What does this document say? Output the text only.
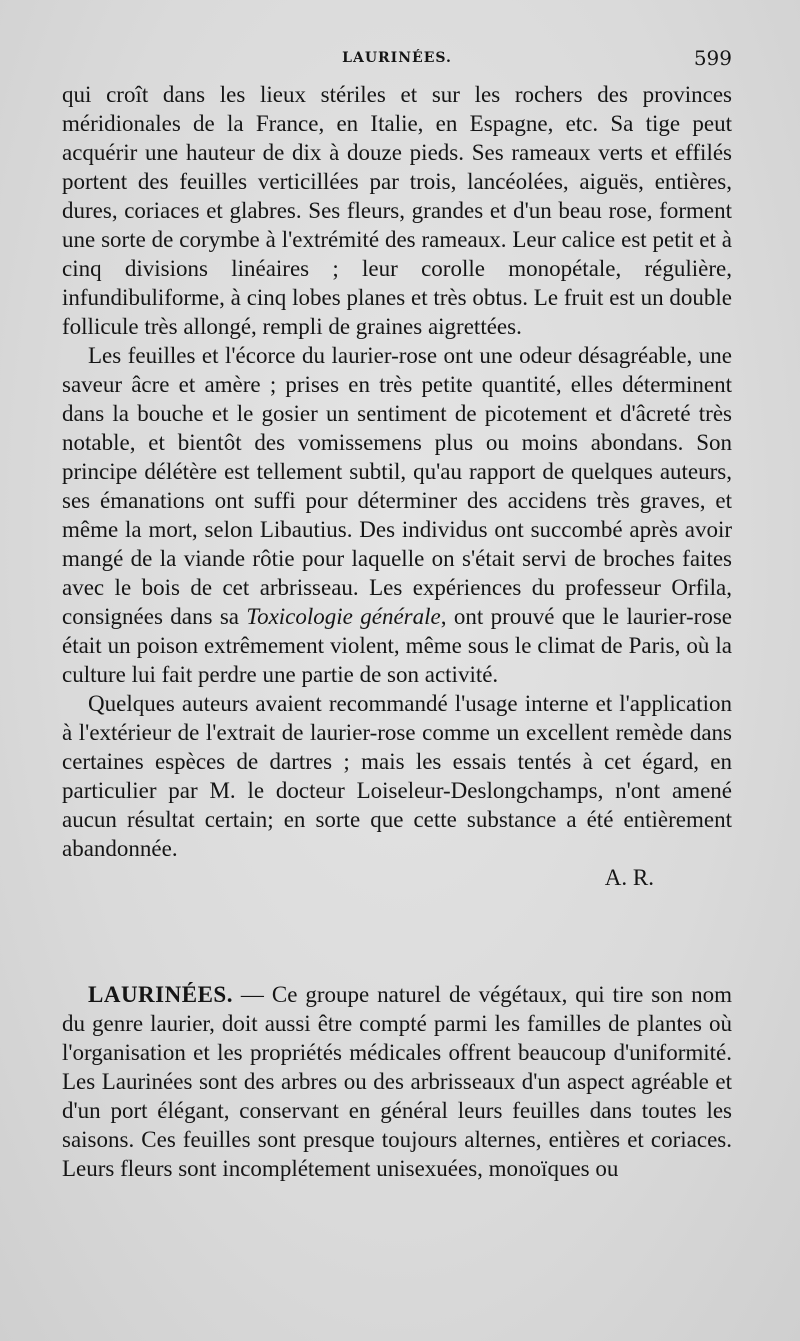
LAURINÉES.	599

qui croît dans les lieux stériles et sur les rochers des provinces méridionales de la France, en Italie, en Espagne, etc. Sa tige peut acquérir une hauteur de dix à douze pieds. Ses rameaux verts et effilés portent des feuilles verticillées par trois, lancéolées, aiguës, entières, dures, coriaces et glabres. Ses fleurs, grandes et d'un beau rose, forment une sorte de corymbe à l'extrémité des rameaux. Leur calice est petit et à cinq divisions linéaires ; leur corolle monopétale, régulière, infundibuliforme, à cinq lobes planes et très obtus. Le fruit est un double follicule très allongé, rempli de graines aigrettées.

Les feuilles et l'écorce du laurier-rose ont une odeur désagréable, une saveur âcre et amère ; prises en très petite quantité, elles déterminent dans la bouche et le gosier un sentiment de picotement et d'âcreté très notable, et bientôt des vomissemens plus ou moins abondans. Son principe délétère est tellement subtil, qu'au rapport de quelques auteurs, ses émanations ont suffi pour déterminer des accidens très graves, et même la mort, selon Libautius. Des individus ont succombé après avoir mangé de la viande rôtie pour laquelle on s'était servi de broches faites avec le bois de cet arbrisseau. Les expériences du professeur Orfila, consignées dans sa Toxicologie générale, ont prouvé que le laurier-rose était un poison extrêmement violent, même sous le climat de Paris, où la culture lui fait perdre une partie de son activité.

Quelques auteurs avaient recommandé l'usage interne et l'application à l'extérieur de l'extrait de laurier-rose comme un excellent remède dans certaines espèces de dartres ; mais les essais tentés à cet égard, en particulier par M. le docteur Loiseleur-Deslongchamps, n'ont amené aucun résultat certain; en sorte que cette substance a été entièrement abandonnée.

A. R.

LAURINÉES. — Ce groupe naturel de végétaux, qui tire son nom du genre laurier, doit aussi être compté parmi les familles de plantes où l'organisation et les propriétés médicales offrent beaucoup d'uniformité. Les Laurinées sont des arbres ou des arbrisseaux d'un aspect agréable et d'un port élégant, conservant en général leurs feuilles dans toutes les saisons. Ces feuilles sont presque toujours alternes, entières et coriaces. Leurs fleurs sont incomplétement unisexuées, monoïques ou
